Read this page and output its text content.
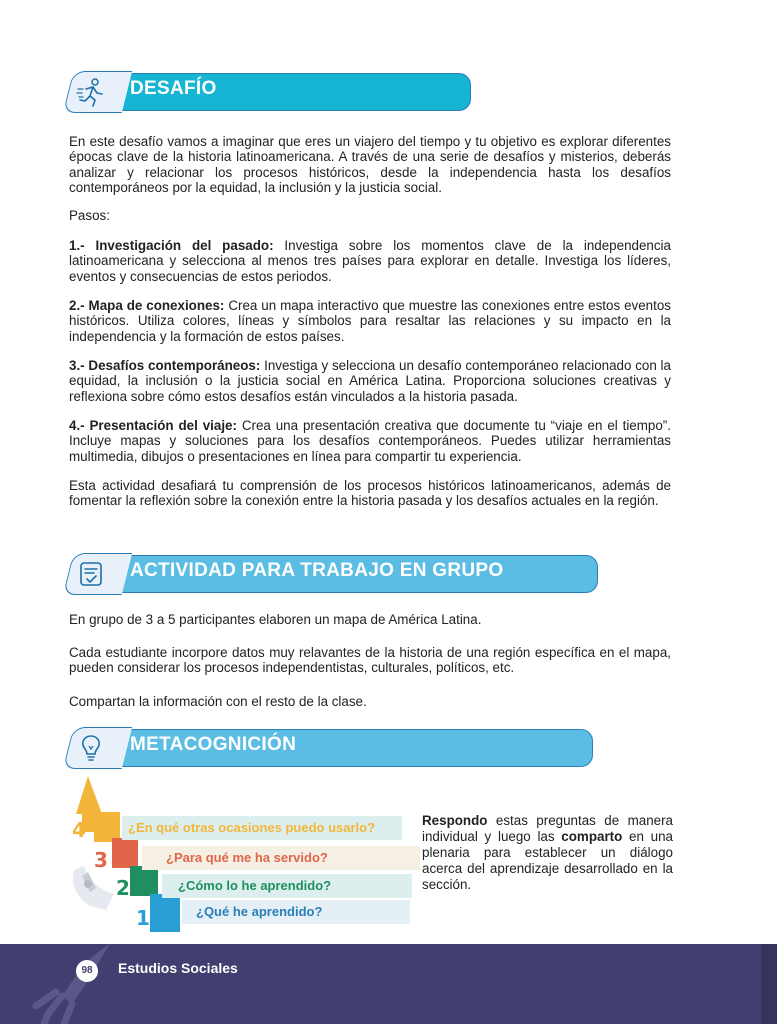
DESAFÍO

En este desafío vamos a imaginar que eres un viajero del tiempo y tu objetivo es explorar diferentes épocas clave de la historia latinoamericana. A través de una serie de desafíos y misterios, deberás analizar y relacionar los procesos históricos, desde la independencia hasta los desafíos contemporáneos por la equidad, la inclusión y la justicia social.

Pasos:

1.- Investigación del pasado: Investiga sobre los momentos clave de la independencia latinoamericana y selecciona al menos tres países para explorar en detalle. Investiga los líderes, eventos y consecuencias de estos periodos.

2.- Mapa de conexiones: Crea un mapa interactivo que muestre las conexiones entre estos eventos históricos. Utiliza colores, líneas y símbolos para resaltar las relaciones y su impacto en la independencia y la formación de estos países.

3.- Desafíos contemporáneos: Investiga y selecciona un desafío contemporáneo relacionado con la equidad, la inclusión o la justicia social en América Latina. Proporciona soluciones creativas y reflexiona sobre cómo estos desafíos están vinculados a la historia pasada.

4.- Presentación del viaje: Crea una presentación creativa que documente tu “viaje en el tiempo”. Incluye mapas y soluciones para los desafíos contemporáneos. Puedes utilizar herramientas multimedia, dibujos o presentaciones en línea para compartir tu experiencia.

Esta actividad desafiará tu comprensión de los procesos históricos latinoamericanos, además de fomentar la reflexión sobre la conexión entre la historia pasada y los desafíos actuales en la región.

ACTIVIDAD PARA TRABAJO EN GRUPO

En grupo de 3 a 5 participantes elaboren un mapa de América Latina.

Cada estudiante incorpore datos muy relavantes de la historia de una región específica en el mapa, pueden considerar los procesos independentistas, culturales, políticos, etc.

Compartan la información con el resto de la clase.

METACOGNICIÓN
4
3
2
1
¿En qué otras ocasiones puedo usarlo?
¿Para qué me ha servido?
¿Cómo lo he aprendido?
¿Qué he aprendido?

Respondo estas preguntas de manera individual y luego las comparto en una plenaria para establecer un diálogo acerca del aprendizaje desarrollado en la sección.

98	Estudios Sociales
